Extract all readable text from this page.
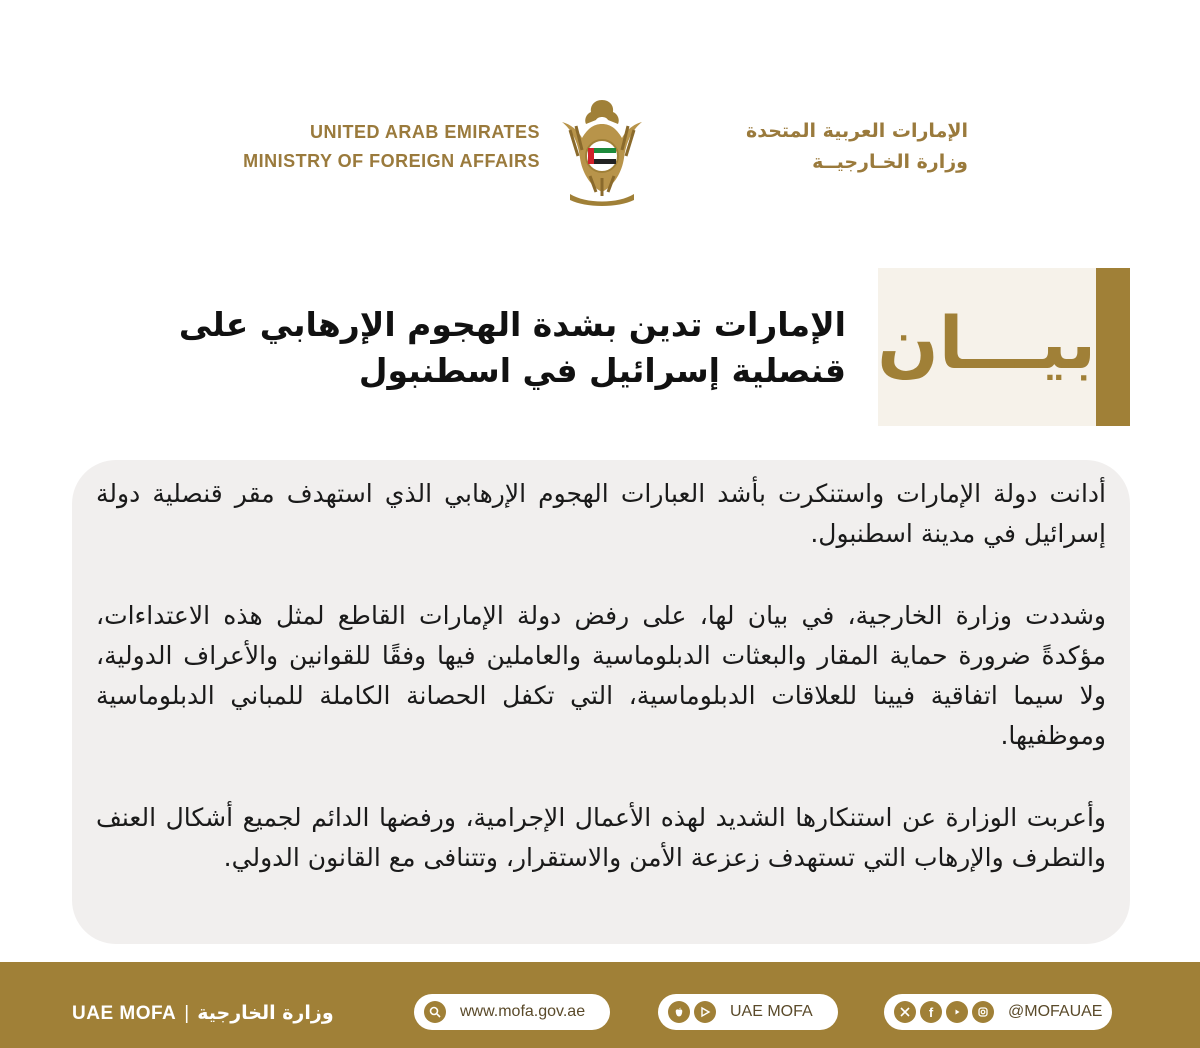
UNITED ARAB EMIRATES
MINISTRY OF FOREIGN AFFAIRS
الإمارات العربية المتحدة
وزارة الخـارجيــة
بيـــان
الإمارات تدين بشدة الهجوم الإرهابي على قنصلية إسرائيل في اسطنبول
أدانت دولة الإمارات واستنكرت بأشد العبارات الهجوم الإرهابي الذي استهدف مقر قنصلية دولة إسرائيل في مدينة اسطنبول.
وشددت وزارة الخارجية، في بيان لها، على رفض دولة الإمارات القاطع لمثل هذه الاعتداءات، مؤكدةً ضرورة حماية المقار والبعثات الدبلوماسية والعاملين فيها وفقًا للقوانين والأعراف الدولية، ولا سيما اتفاقية فيينا للعلاقات الدبلوماسية، التي تكفل الحصانة الكاملة للمباني الدبلوماسية وموظفيها.
وأعربت الوزارة عن استنكارها الشديد لهذه الأعمال الإجرامية، ورفضها الدائم لجميع أشكال العنف والتطرف والإرهاب التي تستهدف زعزعة الأمن والاستقرار، وتتنافى مع القانون الدولي.
UAE MOFA | وزارة الخارجية	www.mofa.gov.ae	UAE MOFA	f	@MOFAUAE
